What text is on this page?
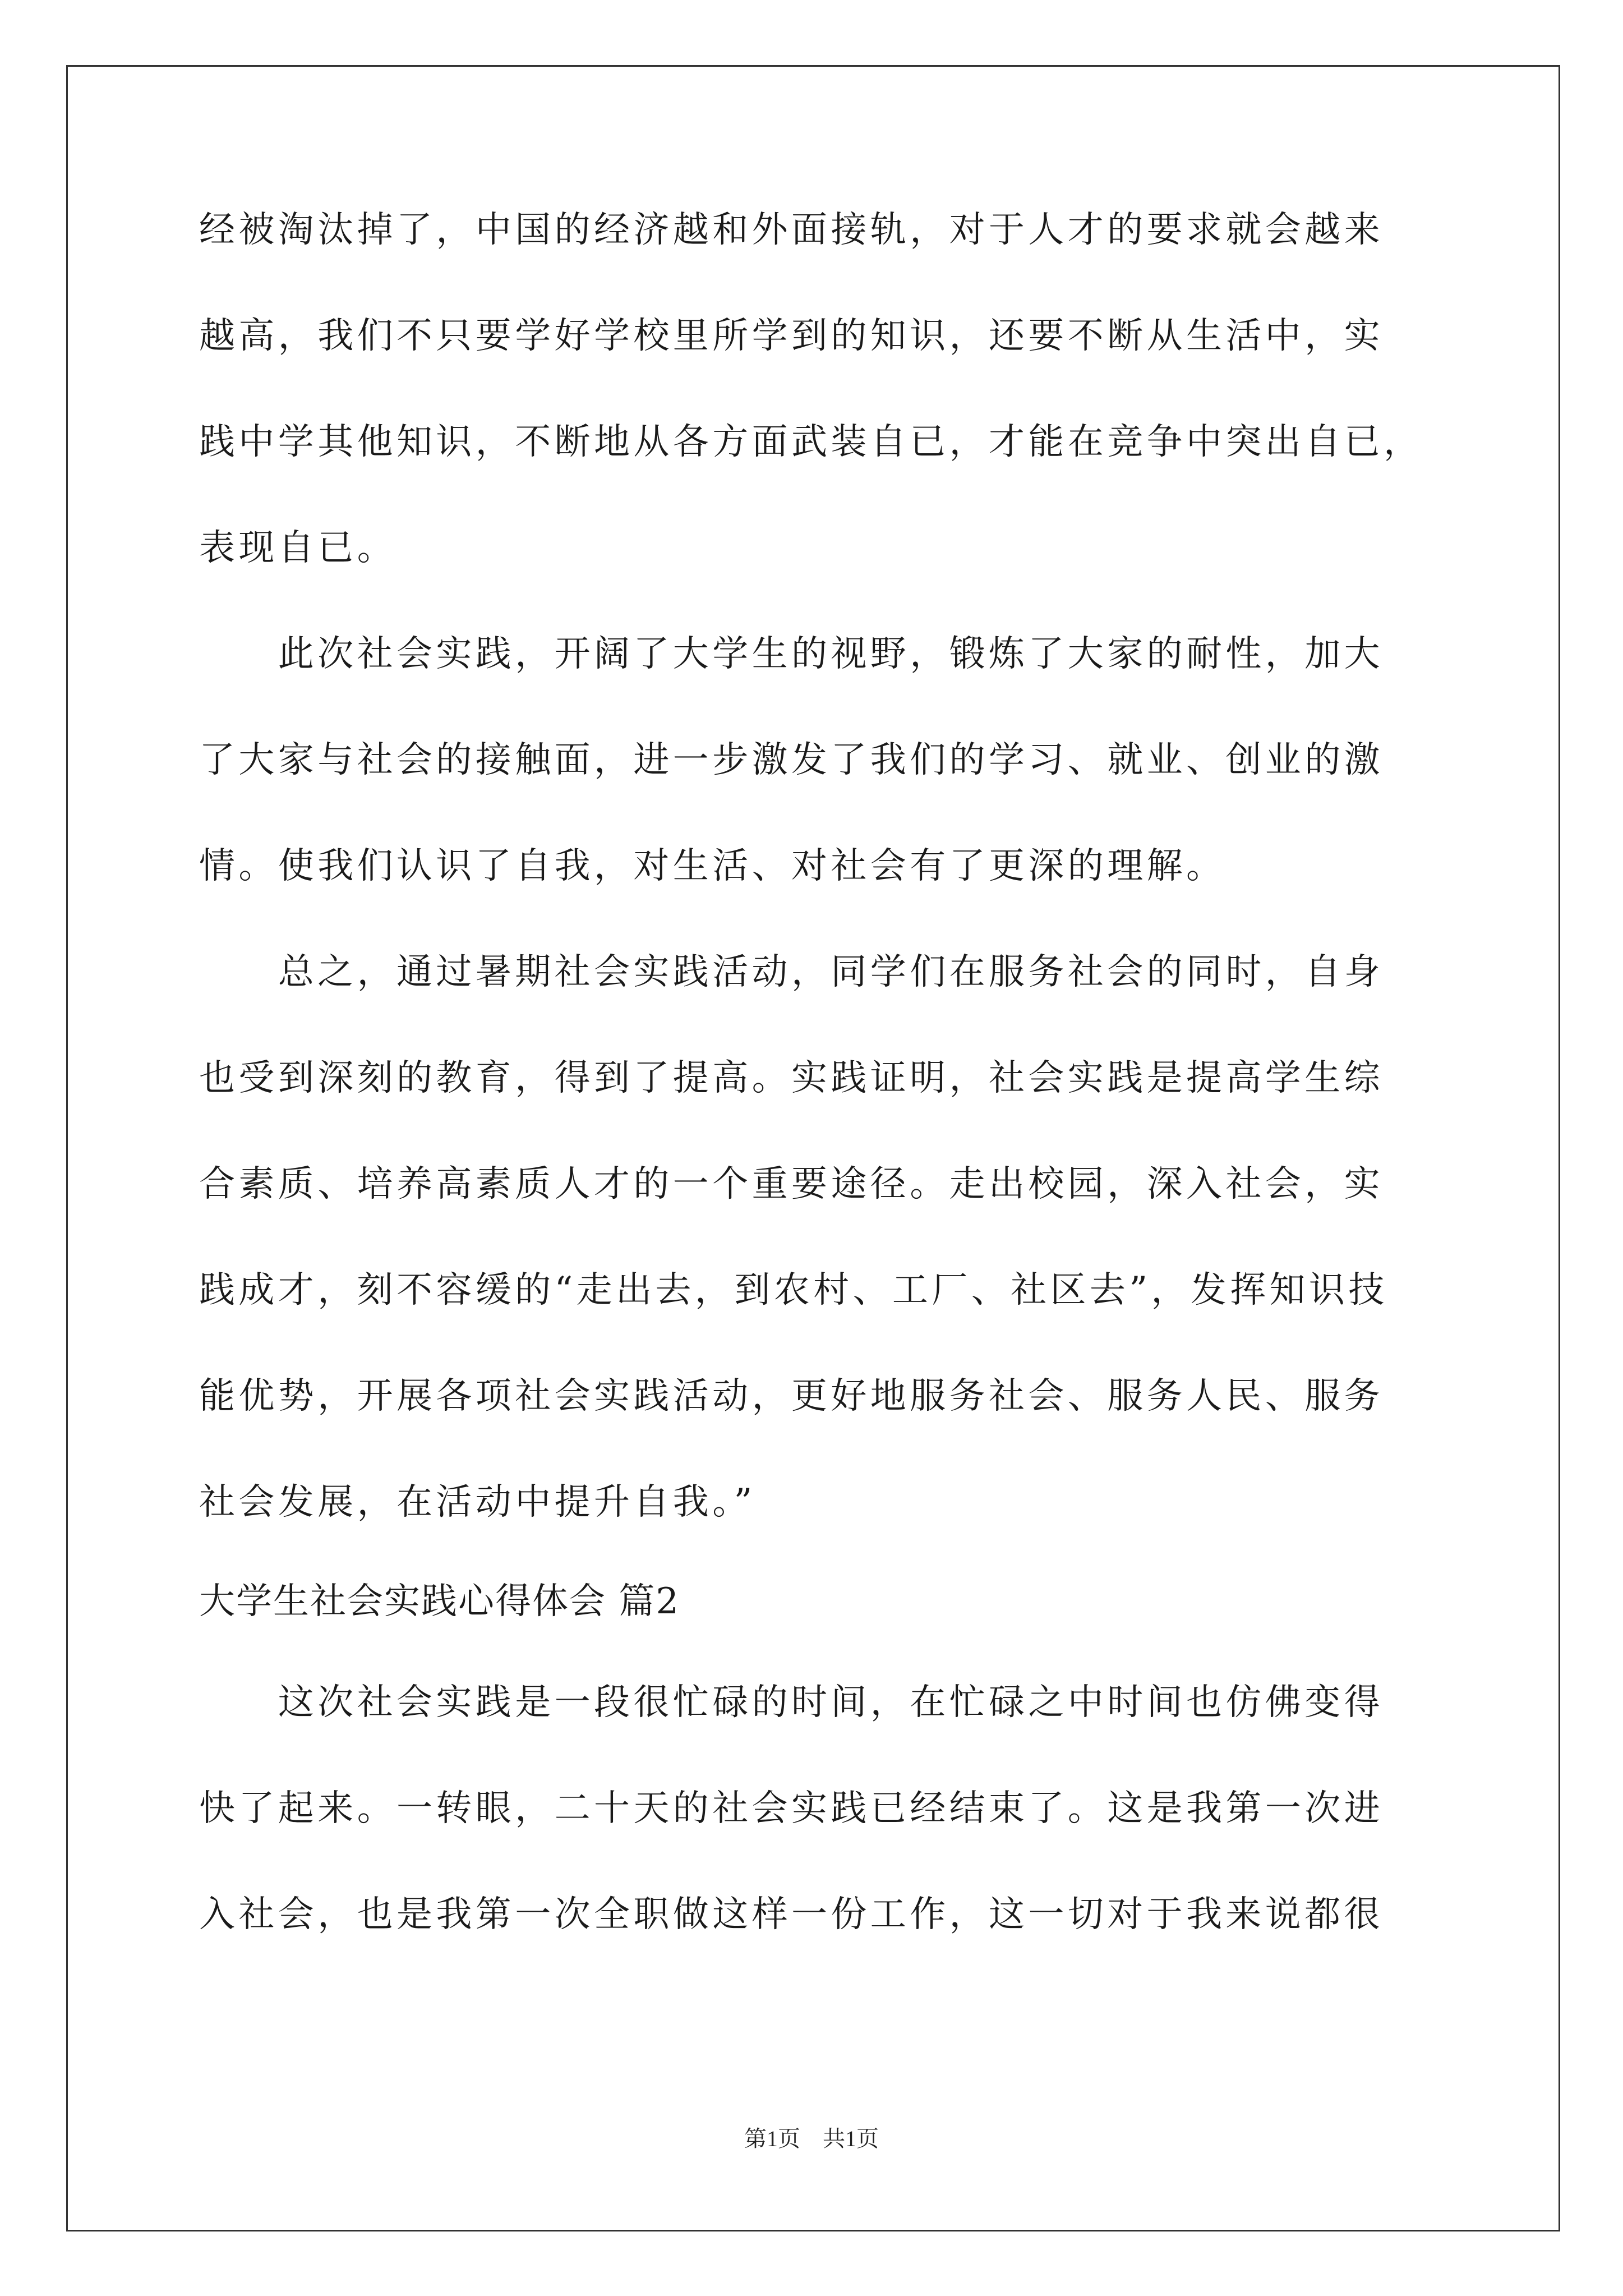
经被淘汰掉了，中国的经济越和外面接轨，对于人才的要求就会越来
越高，我们不只要学好学校里所学到的知识，还要不断从生活中，实
践中学其他知识，不断地从各方面武装自已，才能在竞争中突出自已，
表现自已。
　　此次社会实践，开阔了大学生的视野，锻炼了大家的耐性，加大
了大家与社会的接触面，进一步激发了我们的学习、就业、创业的激
情。使我们认识了自我，对生活、对社会有了更深的理解。
　　总之，通过暑期社会实践活动，同学们在服务社会的同时，自身
也受到深刻的教育，得到了提高。实践证明，社会实践是提高学生综
合素质、培养高素质人才的一个重要途径。走出校园，深入社会，实
践成才，刻不容缓的“走出去，到农村、工厂、社区去”，发挥知识技
能优势，开展各项社会实践活动，更好地服务社会、服务人民、服务
社会发展，在活动中提升自我。”
大学生社会实践心得体会 篇2
　　这次社会实践是一段很忙碌的时间，在忙碌之中时间也仿佛变得
快了起来。一转眼，二十天的社会实践已经结束了。这是我第一次进
入社会，也是我第一次全职做这样一份工作，这一切对于我来说都很
第1页　共1页
